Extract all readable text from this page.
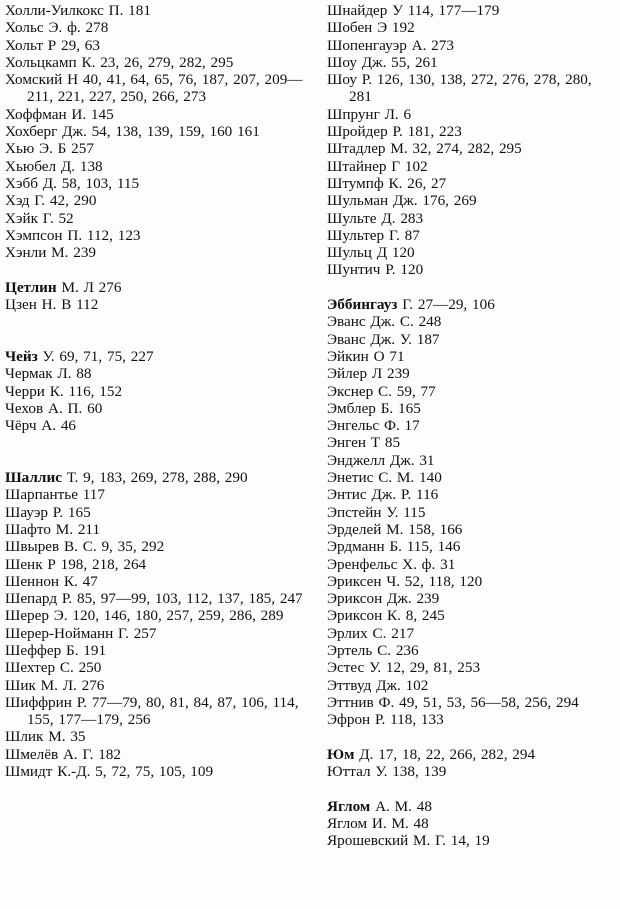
Холли-Уилкокс П. 181
Хольс Э. ф. 278
Хольт Р 29, 63
Хольцкамп К. 23, 26, 279, 282, 295
Хомский Н 40, 41, 64, 65, 76, 187, 207, 209—211, 221, 227, 250, 266, 273
Хоффман И. 145
Хохберг Дж. 54, 138, 139, 159, 160 161
Хью Э. Б 257
Хьюбел Д. 138
Хэбб Д. 58, 103, 115
Хэд Г. 42, 290
Хэйк Г. 52
Хэмпсон П. 112, 123
Хэнли М. 239
Цетлин М. Л 276
Цзен Н. В 112
Чейз У. 69, 71, 75, 227
Чермак Л. 88
Черри К. 116, 152
Чехов А. П. 60
Чёрч А. 46
Шаллис Т. 9, 183, 269, 278, 288, 290
Шарпантье 117
Шауэр Р. 165
Шафто М. 211
Швырев В. С. 9, 35, 292
Шенк Р 198, 218, 264
Шеннон К. 47
Шепард Р. 85, 97—99, 103, 112, 137, 185, 247
Шерер Э. 120, 146, 180, 257, 259, 286, 289
Шерер-Нойманн Г. 257
Шеффер Б. 191
Шехтер С. 250
Шик М. Л. 276
Шиффрин Р. 77—79, 80, 81, 84, 87, 106, 114, 155, 177—179, 256
Шлик М. 35
Шмелёв А. Г. 182
Шмидт К.-Д. 5, 72, 75, 105, 109
Шнайдер У 114, 177—179
Шобен Э 192
Шопенгауэр А. 273
Шоу Дж. 55, 261
Шоу Р. 126, 130, 138, 272, 276, 278, 280, 281
Шпрунг Л. 6
Шройдер Р. 181, 223
Штадлер М. 32, 274, 282, 295
Штайнер Г 102
Штумпф К. 26, 27
Шульман Дж. 176, 269
Шульте Д. 283
Шультер Г. 87
Шульц Д 120
Шунтич Р. 120
Эббингауз Г. 27—29, 106
Эванс Дж. С. 248
Эванс Дж. У. 187
Эйкин О 71
Эйлер Л 239
Экснер С. 59, 77
Эмблер Б. 165
Энгельс Ф. 17
Энген Т 85
Энджелл Дж. 31
Энетис С. М. 140
Энтис Дж. Р. 116
Эпстейн У. 115
Эрделей М. 158, 166
Эрдманн Б. 115, 146
Эренфельс Х. ф. 31
Эриксен Ч. 52, 118, 120
Эриксон Дж. 239
Эриксон К. 8, 245
Эрлих С. 217
Эртель С. 236
Эстес У. 12, 29, 81, 253
Эттвуд Дж. 102
Эттнив Ф. 49, 51, 53, 56—58, 256, 294
Эфрон Р. 118, 133
Юм Д. 17, 18, 22, 266, 282, 294
Юттал У. 138, 139
Яглом А. М. 48
Яглом И. М. 48
Ярошевский М. Г. 14, 19
